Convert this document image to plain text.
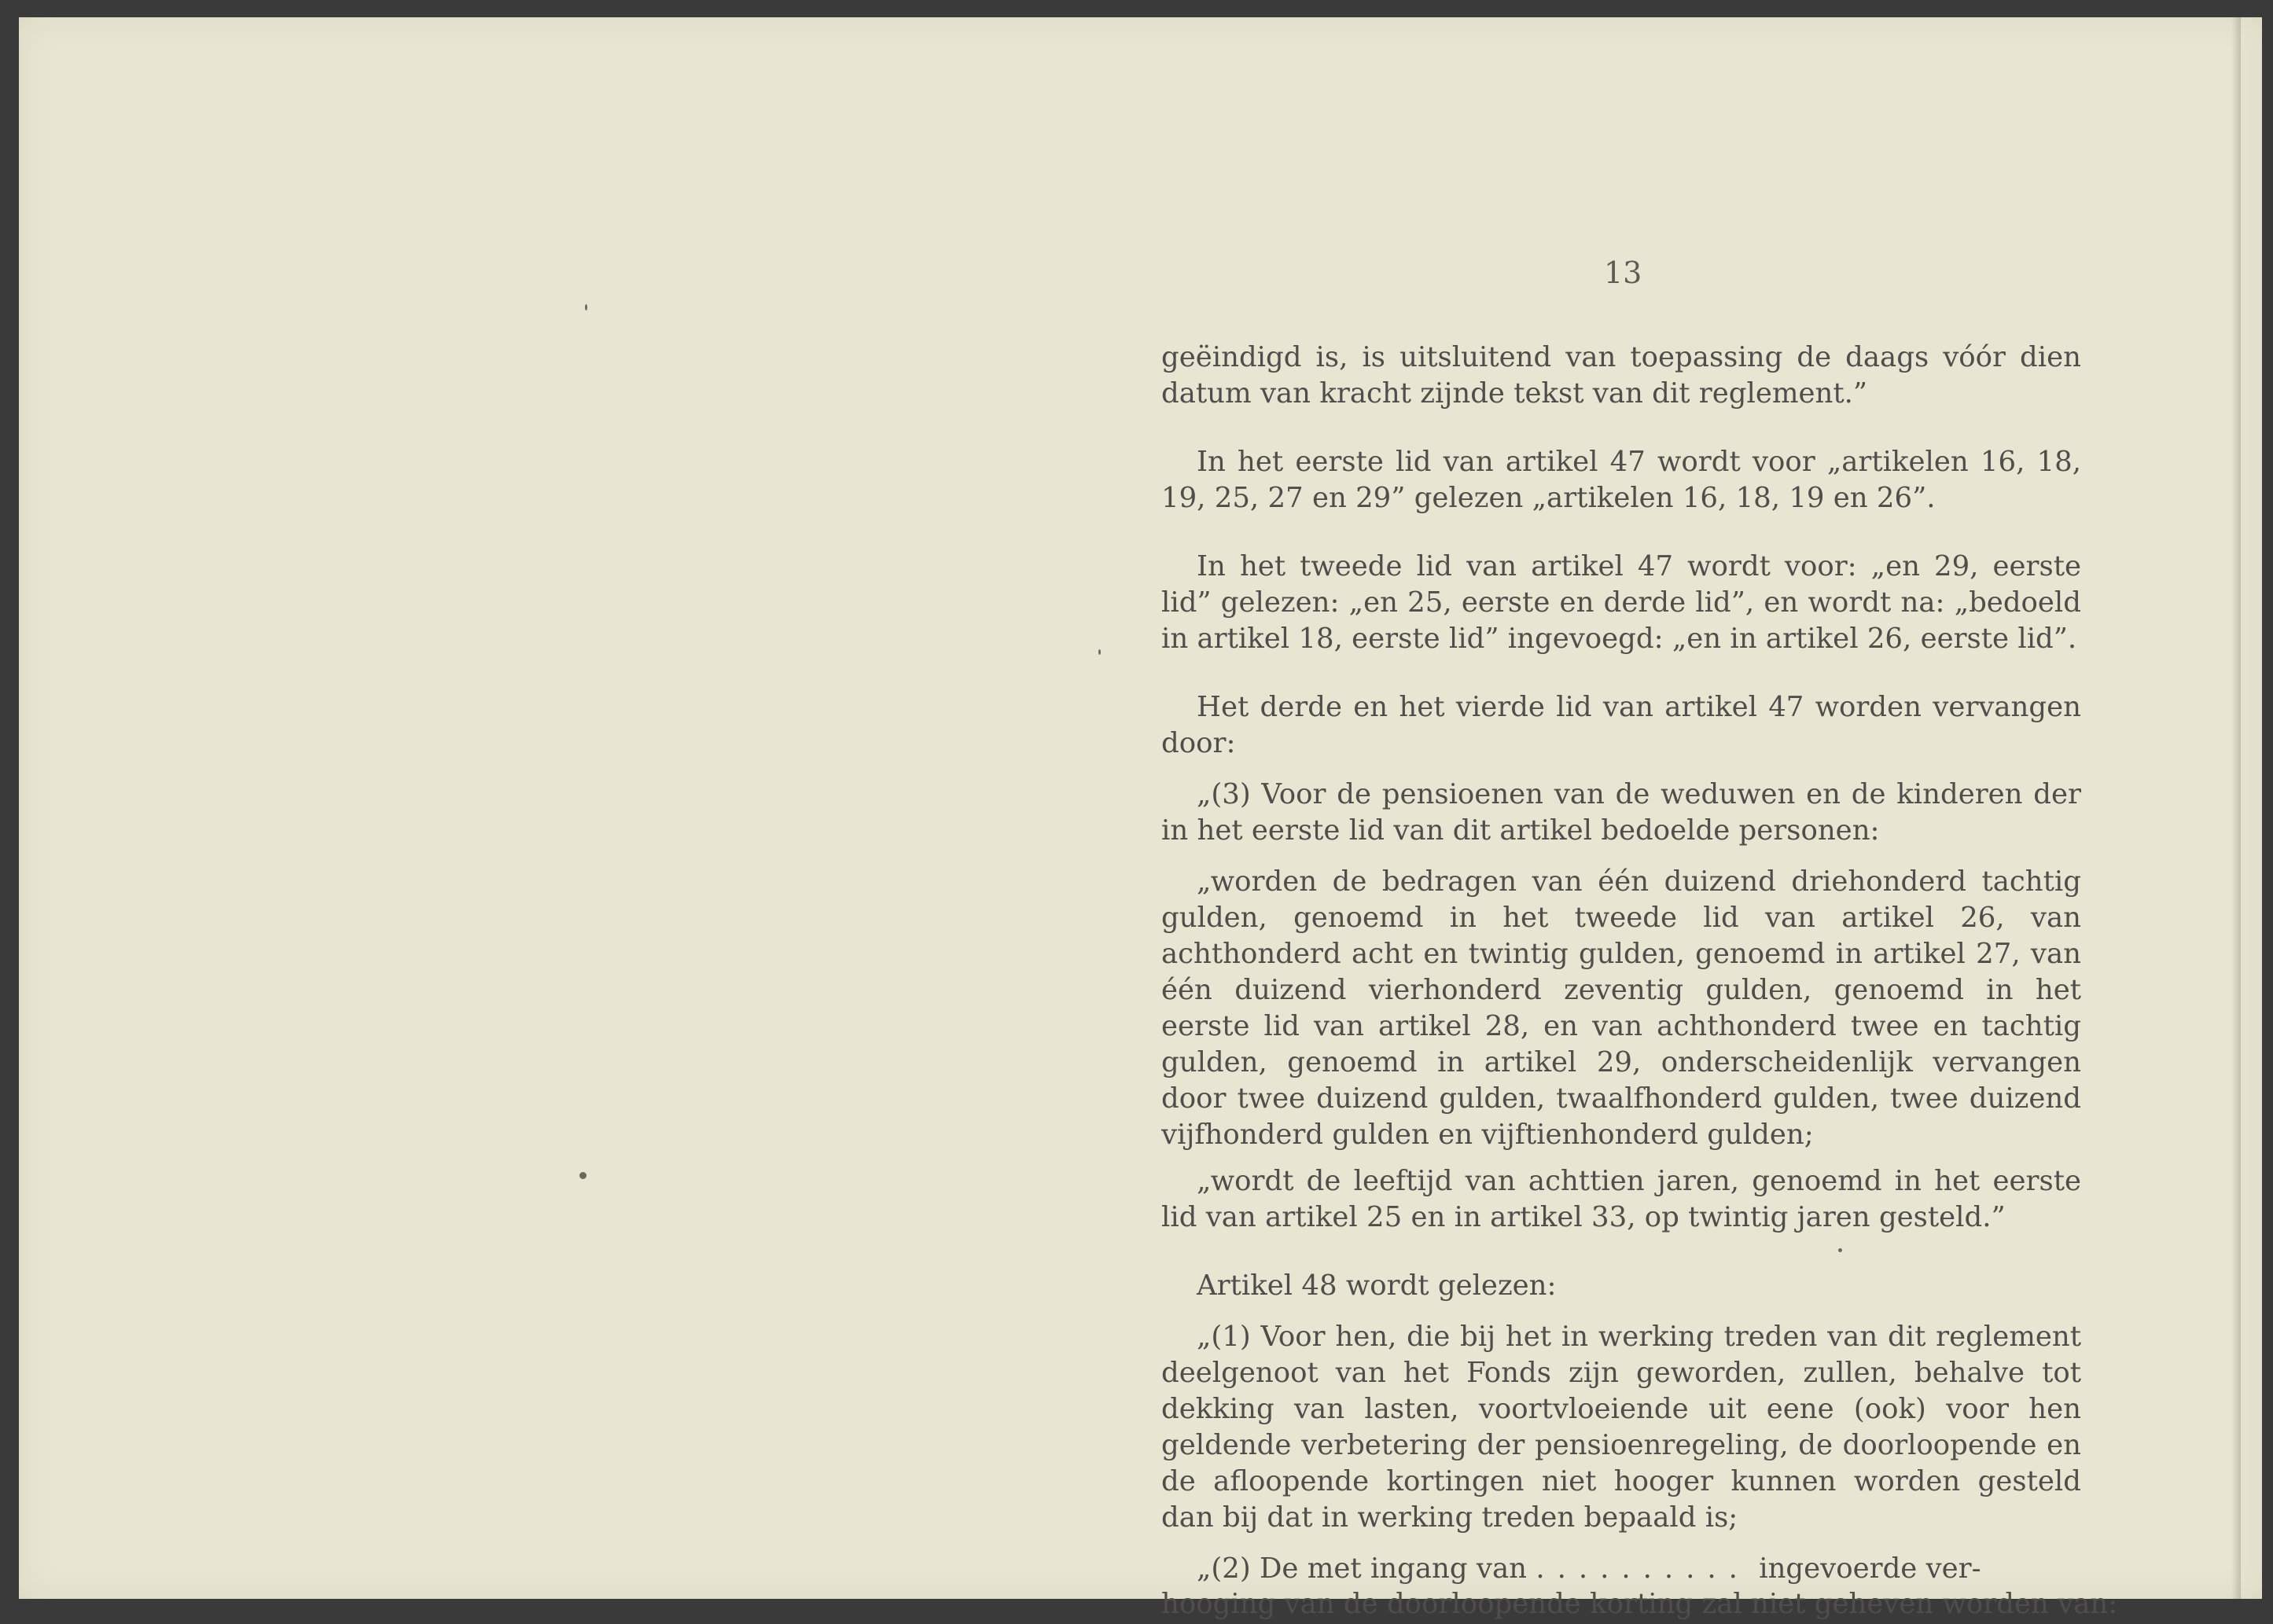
13

geëindigd is, is uitsluitend van toepassing de daags vóór dien datum van kracht zijnde tekst van dit reglement.”

In het eerste lid van artikel 47 wordt voor „artikelen 16, 18, 19, 25, 27 en 29” gelezen „artikelen 16, 18, 19 en 26”.

In het tweede lid van artikel 47 wordt voor: „en 29, eerste lid” gelezen: „en 25, eerste en derde lid”, en wordt na: „bedoeld in artikel 18, eerste lid” ingevoegd: „en in artikel 26, eerste lid”.

Het derde en het vierde lid van artikel 47 worden vervangen door:

„(3) Voor de pensioenen van de weduwen en de kinderen der in het eerste lid van dit artikel bedoelde personen:

„worden de bedragen van één duizend driehonderd tachtig gulden, genoemd in het tweede lid van artikel 26, van achthonderd acht en twintig gulden, genoemd in artikel 27, van één duizend vierhonderd zeventig gulden, genoemd in het eerste lid van artikel 28, en van achthonderd twee en tachtig gulden, genoemd in artikel 29, onderscheidenlijk vervangen door twee duizend gulden, twaalfhonderd gulden, twee duizend vijfhonderd gulden en vijftienhonderd gulden;

„wordt de leeftijd van achttien jaren, genoemd in het eerste lid van artikel 25 en in artikel 33, op twintig jaren gesteld.”

Artikel 48 wordt gelezen:

„(1) Voor hen, die bij het in werking treden van dit reglement deelgenoot van het Fonds zijn geworden, zullen, behalve tot dekking van lasten, voortvloeiende uit eene (ook) voor hen geldende verbetering der pensioenregeling, de doorloopende en de afloopende kortingen niet hooger kunnen worden gesteld dan bij dat in werking treden bepaald is;

„(2) De met ingang van .......... ingevoerde ver-

hooging van de doorloopende korting zal niet geheven worden van:
